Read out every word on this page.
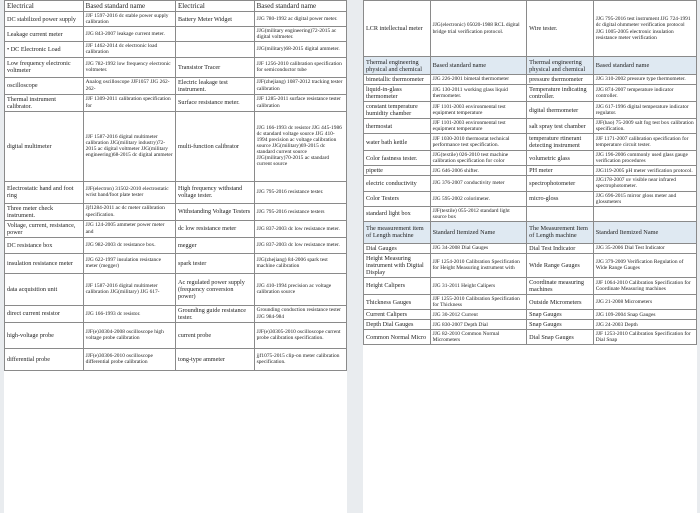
Electrical	Based standard name	Electrical	Based standard name
DC stabilized power supply	JJF 1597-2016 dc stable power supply calibration	Battery Meter Widget	JJG 780-1992 ac digital power meter.
Leakage current meter	JJG 843-2007 leakage current meter.		JJG(military engineering)72-2015 ac digital voltmeter.
• DC Electronic Load	JJF 1462-2014 dc electronic load calibration		JJG(military)68-2015 digital ammeter.
Low frequency electronic voltmeter	JJG 782-1992 low frequency electronic voltmeter.	Transistor Tracer	JJF 1256-2010 calibration specification for semiconductor tube
oscilloscope	Analog oscilloscope JJF1057 JJG 262-262-	Electric leakage test instrument.	JJF(zhejiang) 1087-2012 tracking tester calibration
Thermal instrument calibrator.	JJF 1309-2011 calibration specification for	Surface resistance meter.	JJF 1285-2011 surface resistance tester calibration
digital multimeter	JJF 1587-2016 digital multimeter calibration JJG(military industry)72-2015 ac digital voltmeter JJG(military engineering)68-2015 dc digital ammeter	multi-function calibrator	JJG 166-1993 dc resistor JJG 445-1986 dc standard voltage source JJG 410-1994 precision ac voltage calibration source JJG(military)69-2015 dc standard current source JJG(military)70-2015 ac standard current source
Electrostatic hand and foot ring	JJF(electron) 31502-2010 electrostatic wrist band/foot plate tester	High frequency withstand voltage tester.	JJG 795-2016 resistance tester.
Three meter check instrument.	Jjf1284-2011 ac dc meter calibration specification.	Withstanding Voltage Testers	JJG 795-2016 resistance testers
Voltage, current, resistance, power	JJG 124-2005 ammeter power meter and	dc low resistance meter	JJG 837-2003 dc low resistance meter.
DC resistance box	JJG 982-2003 dc resistance box.	megger	JJG 837-2003 dc low resistance meter.
insulation resistance meter	JJG 622-1997 insulation resistance meter (megger)	spark tester	JJG(zhejiang) 84-2006 spark test machine calibration
data acquisition unit	JJF 1587-2016 digital multimeter calibration JJG(military) JJG 617-	Ac regulated power supply (frequency conversion power)	JJG 410-1994 precision ac voltage calibration source
direct current resistor	JJG 166-1993 dc resistor.	Grounding guide resistance tester.	Grounding conduction resistance tester JJG 984-984
high-voltage probe	JJF(e)30304-2008 oscilloscope high voltage probe calibration	current probe	JJF(e)30305-2010 oscilloscope current probe calibration specification.
differential probe	JJF(e)30306-2010 oscilloscope differential probe calibration	tong-type ammeter	jjf1075-2015 clip-on meter calibration specification.
LCR intellectual meter	JJG(electronic) 05020-1988 RCL digital bridge trial verification protocol.	Wire tester.	JJG 795-2016 test instrument JJG 724-1991 dc digital ohmmeter verification protocol JJG 1005-2005 electronic insulation resistance meter verification
Thermal engineering physical and chemical	Based standard name	Thermal engineering physical and chemical	Based standard name
bimetallic thermometer	JJG 226-2001 bimetal thermometer	pressure thermometer	JJG 310-2002 pressure type thermometer.
liquid-in-glass thermometer	JJG 130-2011 working glass liquid thermometer.	Temperature indicating controller.	JJG 874-2007 temperature indicator controller.
constant temperature humidity chamber	JJF 1101-2003 environmental test equipment temperature	digital thermometer	JJG 617-1996 digital temperature indicator regulator.
thermostat	JJF 1101-2003 environmental test equipment temperature	salt spray test chamber	JJF(hao) 75-2009 salt fog test box calibration specification.
water bath kettle	JJF 1030-2010 thermostat technical performance test specification.	temperature rtinerant detecting instrument	JJF 1171-2007 calibration specification for temperature circuit tester.
Color fastness tester.	JJG(textile) 026-2010 test machine calibration specification for color	volumetric glass	JJG 196-2006 commonly used glass gauge verification procedures
pipette	JJG 646-2006 shifter.	PH meter	JJG119-2005 pH meter verification protocol.
electric conductivity	JJG 376-2007 conductivity meter	spectrophotometer	JJG178-2007 uv visible near infrared spectrophotometer.
Color Testers	JJG 595-2002 colorimeter.	micro-gloss	JJG 696-2015 mirror gloss meter and glossmeters
standard light box	JJF(textile) 055-2012 standard light source box		
The measurement item of Length machine	Standard Itemized Name	The Measurement Item of Length machine	Standard Itemized Name
Dial Gauges	JJG 34-2008 Dial Gauges	Dial Test Indicator	JJG 35-2006 Dial Test Indicator
Height Measuring instrument with Digital Display	JJF 1254-2010 Calibration Specification for Height Measuring instrument with	Wide Range Gauges	JJG 379-2009 Verification Regulation of Wide Range Gauges
Height Calipers	JJG 31-2011 Height Calipers	Coordinate measuring machines	JJF 1064-2010 Calibration Specification for Coordinate Measuring machines
Thickness Gauges	JJF 1255-2010 Calibration Specification for Thickness	Outside Micrometers	JJG 21-2008 Micrometers
Current Calipers	JJG 30-2012 Current	Snap Gauges	JJG 109-2004 Snap Gauges
Depth Dial Gauges	JJG 830-2007 Depth Dial	Snap Gauges	JJG 24-2003 Depth
Common Normal Micro	JJG 82-2010 Common Normal Micrometers	Dial Snap Gauges	JJF 1253-2010 Calibration Specification for Dial Snap
